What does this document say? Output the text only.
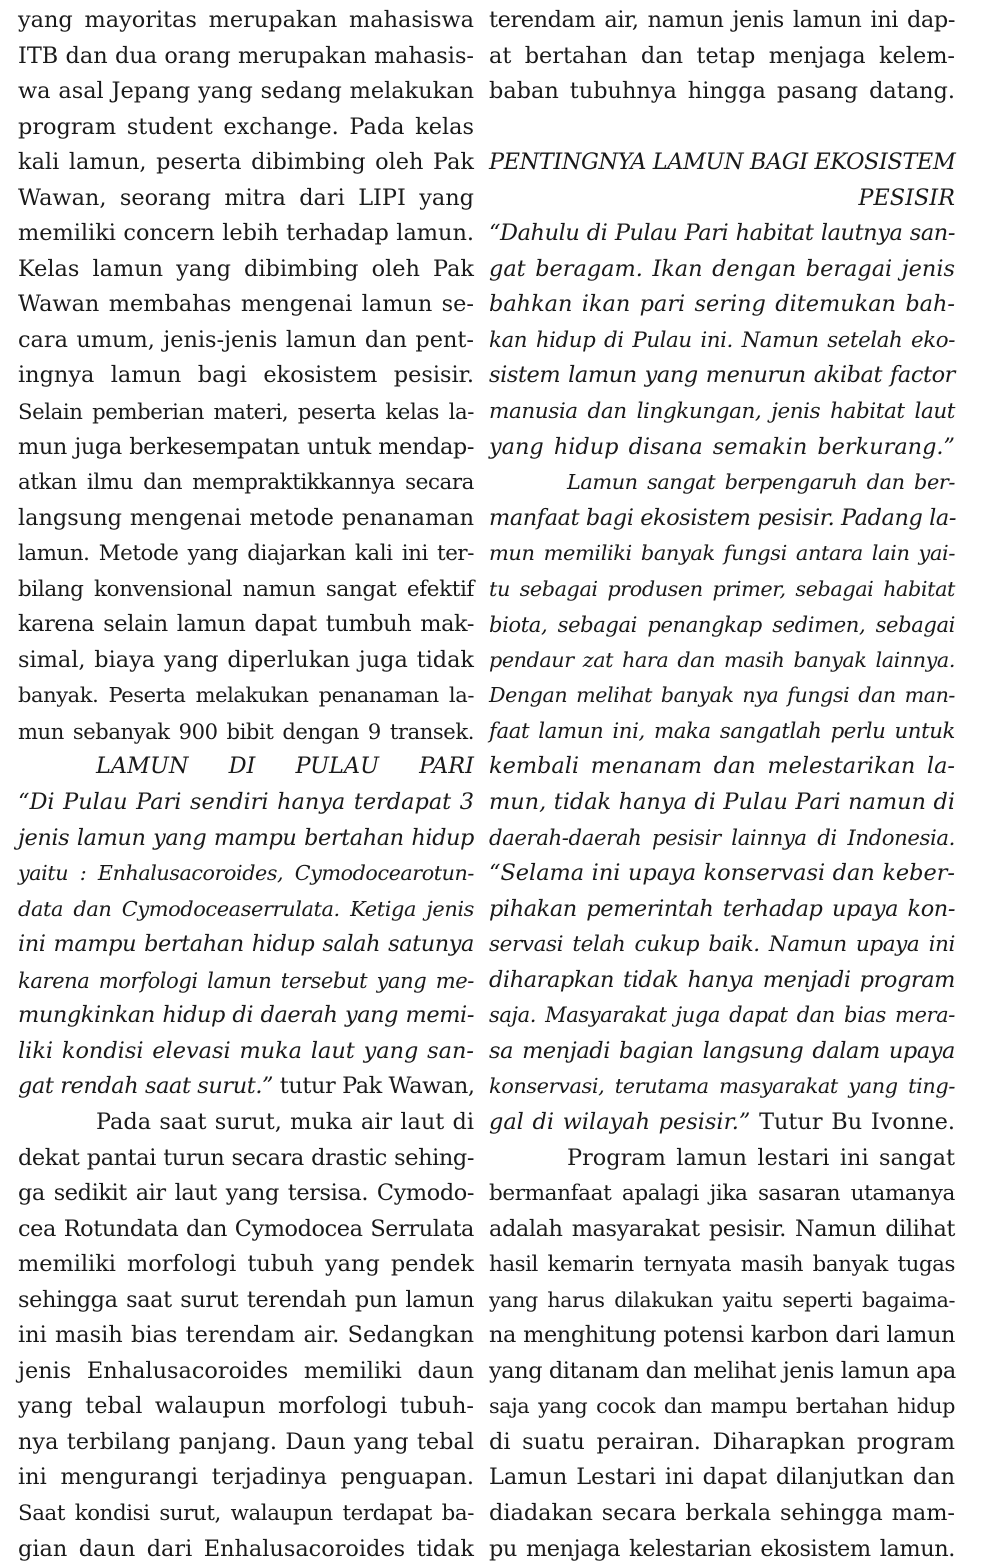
yang mayoritas merupakan mahasiswa
ITB dan dua orang merupakan mahasis-
wa asal Jepang yang sedang melakukan
program student exchange. Pada kelas
kali lamun, peserta dibimbing oleh Pak
Wawan, seorang mitra dari LIPI yang
memiliki concern lebih terhadap lamun.
Kelas lamun yang dibimbing oleh Pak
Wawan membahas mengenai lamun se-
cara umum, jenis-jenis lamun dan pent-
ingnya lamun bagi ekosistem pesisir.
Selain pemberian materi, peserta kelas la-
mun juga berkesempatan untuk mendap-
atkan ilmu dan mempraktikkannya secara
langsung mengenai metode penanaman
lamun. Metode yang diajarkan kali ini ter-
bilang konvensional namun sangat efektif
karena selain lamun dapat tumbuh mak-
simal, biaya yang diperlukan juga tidak
banyak. Peserta melakukan penanaman la-
mun sebanyak 900 bibit dengan 9 transek.
LAMUN DI PULAU PARI
“Di Pulau Pari sendiri hanya terdapat 3
jenis lamun yang mampu bertahan hidup
yaitu : Enhalusacoroides, Cymodocearotun-
data dan Cymodoceaserrulata. Ketiga jenis
ini mampu bertahan hidup salah satunya
karena morfologi lamun tersebut yang me-
mungkinkan hidup di daerah yang memi-
liki kondisi elevasi muka laut yang san-
gat rendah saat surut.” tutur Pak Wawan,
Pada saat surut, muka air laut di
dekat pantai turun secara drastic sehing-
ga sedikit air laut yang tersisa. Cymodo-
cea Rotundata dan Cymodocea Serrulata
memiliki morfologi tubuh yang pendek
sehingga saat surut terendah pun lamun
ini masih bias terendam air. Sedangkan
jenis Enhalusacoroides memiliki daun
yang tebal walaupun morfologi tubuh-
nya terbilang panjang. Daun yang tebal
ini mengurangi terjadinya penguapan.
Saat kondisi surut, walaupun terdapat ba-
gian daun dari Enhalusacoroides tidak
terendam air, namun jenis lamun ini dap-
at bertahan dan tetap menjaga kelem-
baban tubuhnya hingga pasang datang.
PENTINGNYA LAMUN BAGI EKOSISTEM
PESISIR
“Dahulu di Pulau Pari habitat lautnya san-
gat beragam. Ikan dengan beragai jenis
bahkan ikan pari sering ditemukan bah-
kan hidup di Pulau ini. Namun setelah eko-
sistem lamun yang menurun akibat factor
manusia dan lingkungan, jenis habitat laut
yang hidup disana semakin berkurang.”
Lamun sangat berpengaruh dan ber-
manfaat bagi ekosistem pesisir. Padang la-
mun memiliki banyak fungsi antara lain yai-
tu sebagai produsen primer, sebagai habitat
biota, sebagai penangkap sedimen, sebagai
pendaur zat hara dan masih banyak lainnya.
Dengan melihat banyak nya fungsi dan man-
faat lamun ini, maka sangatlah perlu untuk
kembali menanam dan melestarikan la-
mun, tidak hanya di Pulau Pari namun di
daerah-daerah pesisir lainnya di Indonesia.
“Selama ini upaya konservasi dan keber-
pihakan pemerintah terhadap upaya kon-
servasi telah cukup baik. Namun upaya ini
diharapkan tidak hanya menjadi program
saja. Masyarakat juga dapat dan bias mera-
sa menjadi bagian langsung dalam upaya
konservasi, terutama masyarakat yang ting-
gal di wilayah pesisir.” Tutur Bu Ivonne.
Program lamun lestari ini sangat
bermanfaat apalagi jika sasaran utamanya
adalah masyarakat pesisir. Namun dilihat
hasil kemarin ternyata masih banyak tugas
yang harus dilakukan yaitu seperti bagaima-
na menghitung potensi karbon dari lamun
yang ditanam dan melihat jenis lamun apa
saja yang cocok dan mampu bertahan hidup
di suatu perairan. Diharapkan program
Lamun Lestari ini dapat dilanjutkan dan
diadakan secara berkala sehingga mam-
pu menjaga kelestarian ekosistem lamun.
